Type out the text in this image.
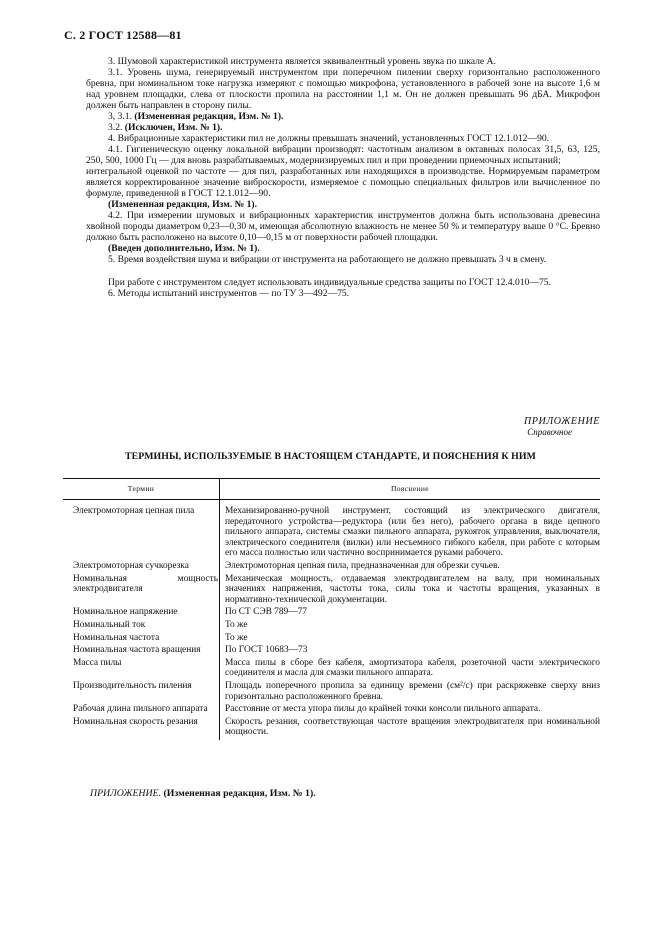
С. 2 ГОСТ 12588—81

3. Шумовой характеристикой инструмента является эквивалентный уровень звука по шкале А.

3.1. Уровень шума, генерируемый инструментом при поперечном пилении сверху горизонтально расположенного бревна, при номинальном токе нагрузка измеряют с помощью микрофона, установленного в рабочей зоне на высоте 1,6 м над уровнем площадки, слева от плоскости пропила на расстоянии 1,1 м. Он не должен превышать 96 дБА. Микрофон должен быть направлен в сторону пилы.

3, 3.1. (Измененная редакция, Изм. № 1).

3.2. (Исключен, Изм. № 1).

4. Вибрационные характеристики пил не должны превышать значений, установленных ГОСТ 12.1.012—90.

4.1. Гигиеническую оценку локальной вибрации производят: частотным анализом в октавных полосах 31,5, 63, 125, 250, 500, 1000 Гц — для вновь разрабатываемых, модернизируемых пил и при проведении приемочных испытаний;

интегральной оценкой по частоте — для пил, разработанных или находящихся в производстве. Нормируемым параметром является корректированное значение виброскорости, измеряемое с помощью специальных фильтров или вычисленное по формуле, приведенной в ГОСТ 12.1.012—90.

(Измененная редакция, Изм. № 1).

4.2. При измерении шумовых и вибрационных характеристик инструментов должна быть использована древесина хвойной породы диаметром 0,23—0,30 м, имеющая абсолютную влажность не менее 50 % и температуру выше 0 °С. Бревно должно быть расположено на высоте 0,10—0,15 м от поверхности рабочей площадки.

(Введен дополнительно, Изм. № 1).

5. Время воздействия шума и вибрации от инструмента на работающего не должно превышать 3 ч в смену.

При работе с инструментом следует использовать индивидуальные средства защиты по ГОСТ 12.4.010—75.

6. Методы испытаний инструментов — по ТУ 3—492—75.

ПРИЛОЖЕНИЕ
Справочное
ТЕРМИНЫ, ИСПОЛЬЗУЕМЫЕ В НАСТОЯЩЕМ СТАНДАРТЕ, И ПОЯСНЕНИЯ К НИМ
Термин	Пояснение
Электромоторная цепная пила	Механизированно-ручной инструмент, состоящий из электрического двигателя, передаточного устройства—редуктора (или без него), рабочего органа в виде цепного пильного аппарата, системы смазки пильного аппарата, рукояток управления, выключателя, электрического соединителя (вилки) или несъемного гибкого кабеля, при работе с которым его масса полностью или частично воспринимается руками рабочего.
Электромоторная сучкорезка	Электромоторная цепная пила, предназначенная для обрезки сучьев.
Номинальная мощность электродвигателя	Механическая мощность, отдаваемая электродвигателем на валу, при номинальных значениях напряжения, частоты тока, силы тока и частоты вращения, указанных в нормативно-технической документации.
Номинальное напряжение	По СТ СЭВ 789—77
Номинальный ток	То же
Номинальная частота	То же
Номинальная частота вращения	По ГОСТ 10683—73
Масса пилы	Масса пилы в сборе без кабеля, амортизатора кабеля, розеточной части электрического соединителя и масла для смазки пильного аппарата.
Производительность пиления	Площадь поперечного пропила за единицу времени (см²/с) при раскряжевке сверху вниз горизонтально расположенного бревна.
Рабочая длина пильного аппарата	Расстояние от места упора пилы до крайней точки консоли пильного аппарата.
Номинальная скорость резания	Скорость резания, соответствующая частоте вращения электродвигателя при номинальной мощности.
ПРИЛОЖЕНИЕ. (Измененная редакция, Изм. № 1).
